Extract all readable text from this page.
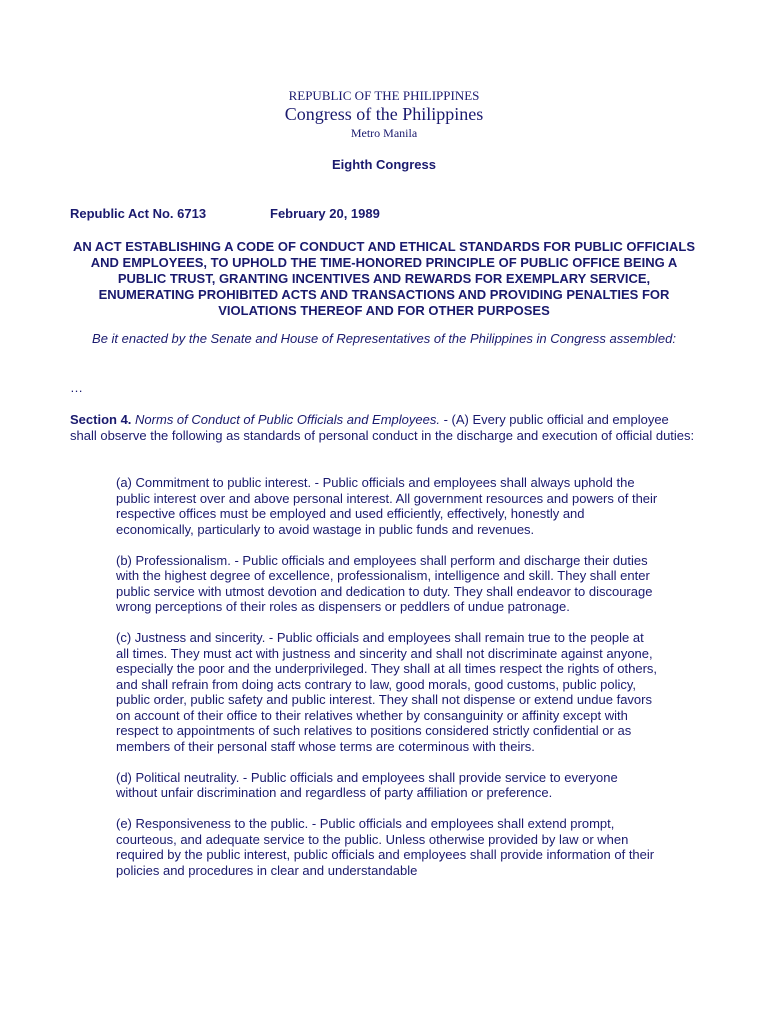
REPUBLIC OF THE PHILIPPINES
Congress of the Philippines
Metro Manila
Eighth Congress
Republic Act No. 6713	February 20, 1989
AN ACT ESTABLISHING A CODE OF CONDUCT AND ETHICAL STANDARDS FOR PUBLIC OFFICIALS AND EMPLOYEES, TO UPHOLD THE TIME-HONORED PRINCIPLE OF PUBLIC OFFICE BEING A PUBLIC TRUST, GRANTING INCENTIVES AND REWARDS FOR EXEMPLARY SERVICE, ENUMERATING PROHIBITED ACTS AND TRANSACTIONS AND PROVIDING PENALTIES FOR VIOLATIONS THEREOF AND FOR OTHER PURPOSES
Be it enacted by the Senate and House of Representatives of the Philippines in Congress assembled:
…
Section 4. Norms of Conduct of Public Officials and Employees. - (A) Every public official and employee shall observe the following as standards of personal conduct in the discharge and execution of official duties:

(a) Commitment to public interest. - Public officials and employees shall always uphold the public interest over and above personal interest. All government resources and powers of their respective offices must be employed and used efficiently, effectively, honestly and economically, particularly to avoid wastage in public funds and revenues.

(b) Professionalism. - Public officials and employees shall perform and discharge their duties with the highest degree of excellence, professionalism, intelligence and skill. They shall enter public service with utmost devotion and dedication to duty. They shall endeavor to discourage wrong perceptions of their roles as dispensers or peddlers of undue patronage.

(c) Justness and sincerity. - Public officials and employees shall remain true to the people at all times. They must act with justness and sincerity and shall not discriminate against anyone, especially the poor and the underprivileged. They shall at all times respect the rights of others, and shall refrain from doing acts contrary to law, good morals, good customs, public policy, public order, public safety and public interest. They shall not dispense or extend undue favors on account of their office to their relatives whether by consanguinity or affinity except with respect to appointments of such relatives to positions considered strictly confidential or as members of their personal staff whose terms are coterminous with theirs.

(d) Political neutrality. - Public officials and employees shall provide service to everyone without unfair discrimination and regardless of party affiliation or preference.

(e) Responsiveness to the public. - Public officials and employees shall extend prompt, courteous, and adequate service to the public. Unless otherwise provided by law or when required by the public interest, public officials and employees shall provide information of their policies and procedures in clear and understandable
